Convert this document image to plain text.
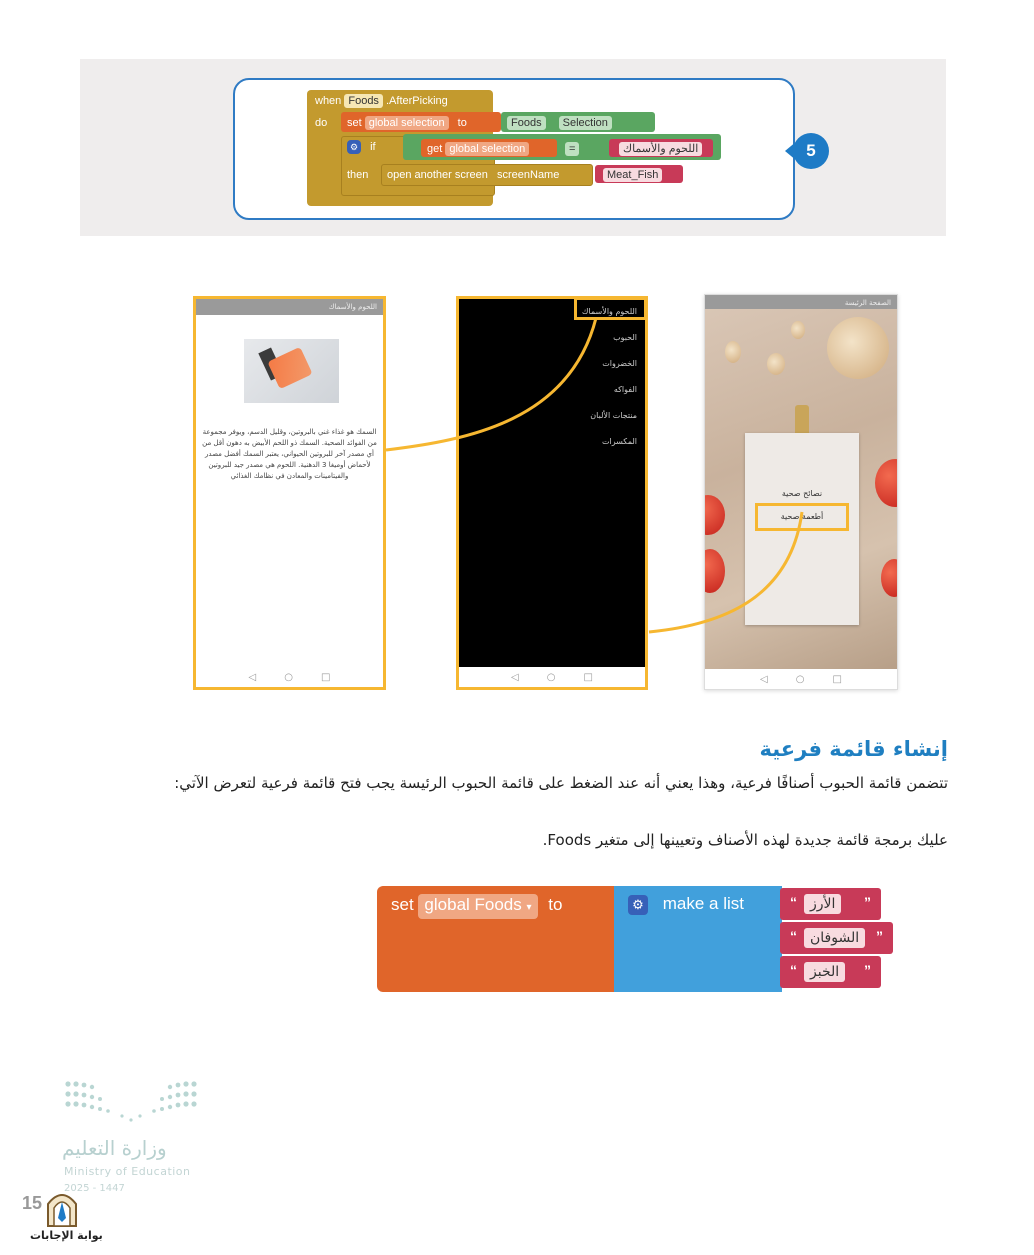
when Foods .AfterPicking
do set global selection to	Foods Selection
⚙ if	get global selection	=	اللحوم والأسماك
then open another screen screenName	Meat_Fish
5
اللحوم والأسماك
السمك هو غذاء غني بالبروتين، وقليل الدسم، ويوفر مجموعة من الفوائد الصحية. السمك ذو اللحم الأبيض به دهون أقل من أي مصدر آخر للبروتين الحيواني، يعتبر السمك أفضل مصدر لأحماض أوميغا 3 الدهنية. اللحوم هي مصدر جيد للبروتين والفيتامينات والمعادن في نظامك الغذائي
◁	○	□
اللحوم والأسماك
الحبوب
الخضروات
الفواكه
منتجات الألبان
المكسرات
◁	○	□
الصفحة الرئيسة
نصائح صحية
أطعمة صحية
◁	○	□
إنشاء قائمة فرعية
تتضمن قائمة الحبوب أصنافًا فرعية، وهذا يعني أنه عند الضغط على قائمة الحبوب الرئيسة يجب فتح قائمة فرعية لتعرض الآتي:
عليك برمجة قائمة جديدة لهذه الأصناف وتعيينها إلى متغير Foods.
set global Foods ▾ to	⚙ make a list	“ الأرز	”
“ الشوفان	”
“ الخبز	”
وزارة التعليم
Ministry of Education
2025 - 1447
15
بوابة الإجابات
